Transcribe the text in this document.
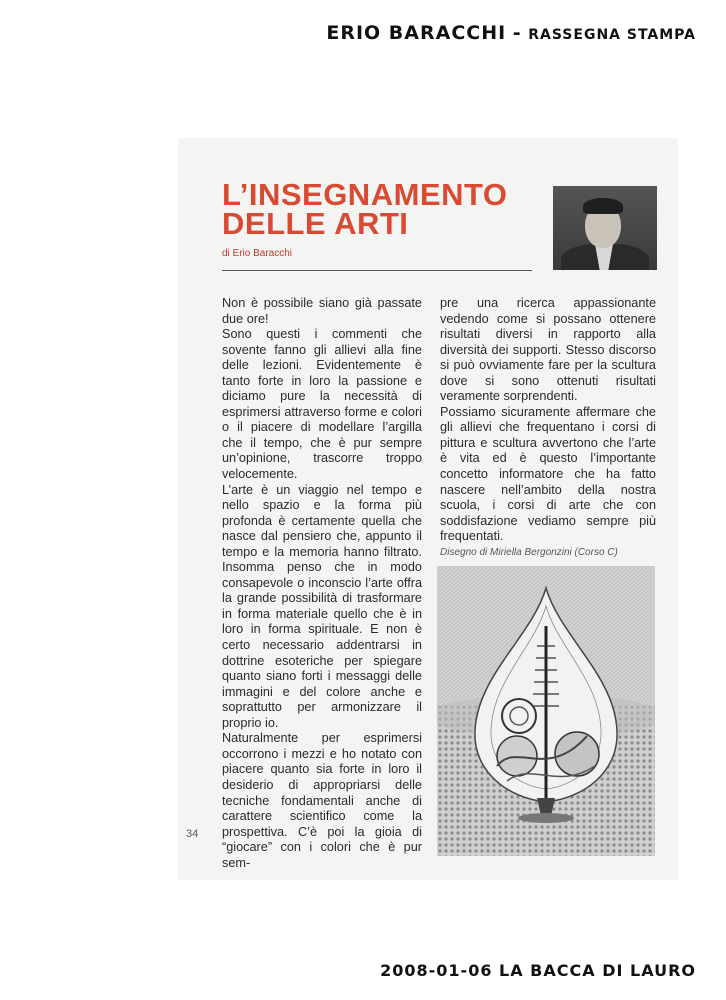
ERIO BARACCHI - RASSEGNA STAMPA
L’INSEGNAMENTO
DELLE ARTI
di Erio Baracchi

Non è possibile siano già passate due ore!

Sono questi i commenti che sovente fanno gli allievi alla fine delle lezioni. Evidentemente è tanto forte in loro la passione e diciamo pure la necessità di esprimersi attraverso forme e colori o il piacere di modellare l’argilla che il tempo, che è pur sempre un’opinione, trascorre troppo velocemente.

L’arte è un viaggio nel tempo e nello spazio e la forma più profonda è certamente quella che nasce dal pensiero che, appunto il tempo e la memoria hanno filtrato. Insomma penso che in modo consapevole o inconscio l’arte offra la grande possibilità di trasformare in forma materiale quello che è in loro in forma spirituale. E non è certo necessario addentrarsi in dottrine esoteriche per spiegare quanto siano forti i messaggi delle immagini e del colore anche e soprattutto per armonizzare il proprio io.

Naturalmente per esprimersi occorrono i mezzi e ho notato con piacere quanto sia forte in loro il desiderio di appropriarsi delle tecniche fondamentali anche di carattere scientifico come la prospettiva. C’è poi la gioia di “giocare” con i colori che è pur sem-

pre una ricerca appassionante vedendo come si possano ottenere risultati diversi in rapporto alla diversità dei supporti. Stesso discorso si può ovviamente fare per la scultura dove si sono ottenuti risultati veramente sorprendenti.

Possiamo sicuramente affermare che gli allievi che frequentano i corsi di pittura e scultura avvertono che l’arte è vita ed è questo l’importante concetto informatore che ha fatto nascere nell’ambito della nostra scuola, i corsi di arte che con soddisfazione vediamo sempre più frequentati.

Disegno di Miriella Bergonzini (Corso C)
34
2008-01-06 LA BACCA DI LAURO
